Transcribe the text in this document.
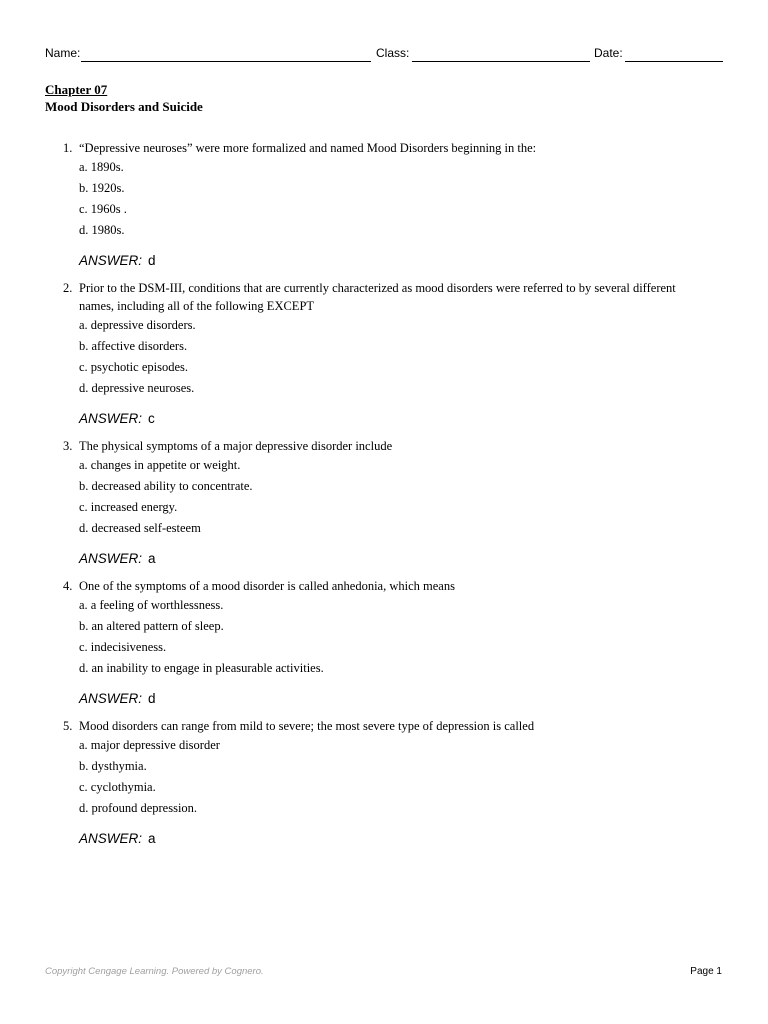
Name:	Class:	Date:
Chapter 07
Mood Disorders and Suicide
1. “Depressive neuroses” were more formalized and named Mood Disorders beginning in the:
a. 1890s.
b. 1920s.
c. 1960s .
d. 1980s.
ANSWER: d
2. Prior to the DSM-III, conditions that are currently characterized as mood disorders were referred to by several different names, including all of the following EXCEPT
a. depressive disorders.
b. affective disorders.
c. psychotic episodes.
d. depressive neuroses.
ANSWER: c
3. The physical symptoms of a major depressive disorder include
a. changes in appetite or weight.
b. decreased ability to concentrate.
c. increased energy.
d. decreased self-esteem
ANSWER: a
4. One of the symptoms of a mood disorder is called anhedonia, which means
a. a feeling of worthlessness.
b. an altered pattern of sleep.
c. indecisiveness.
d. an inability to engage in pleasurable activities.
ANSWER: d
5. Mood disorders can range from mild to severe; the most severe type of depression is called
a. major depressive disorder
b. dysthymia.
c. cyclothymia.
d. profound depression.
ANSWER: a
Copyright Cengage Learning. Powered by Cognero.	Page 1
